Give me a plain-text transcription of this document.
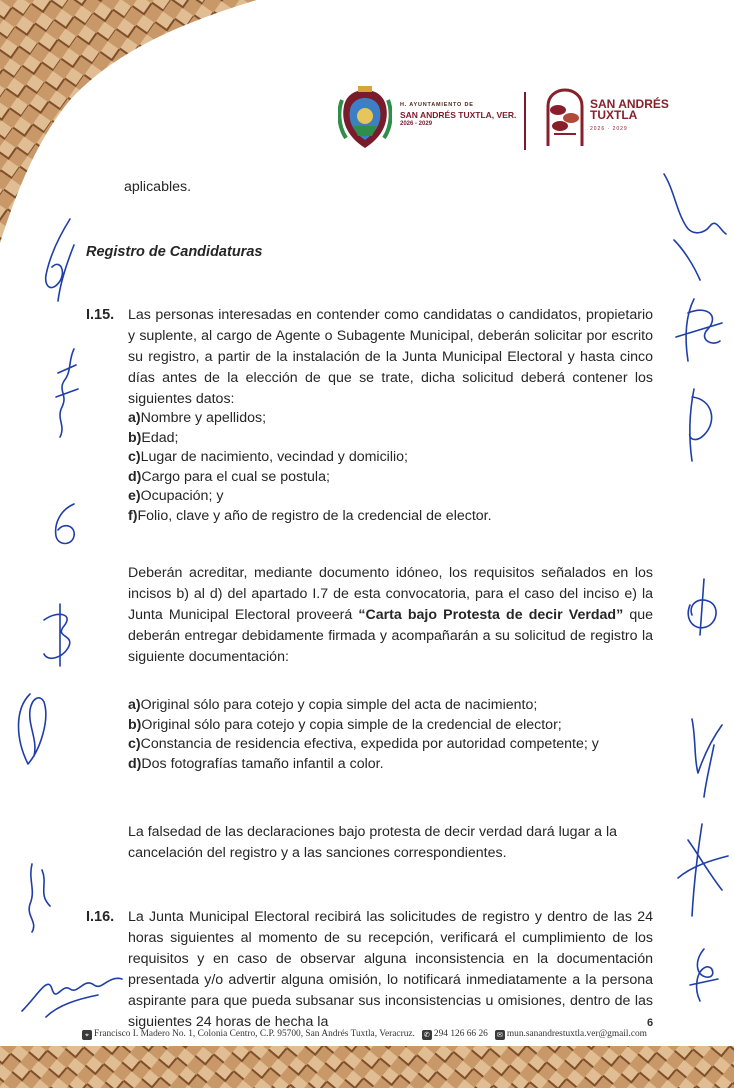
H. AYUNTAMIENTO DE
SAN ANDRÉS TUXTLA, VER.
2026 - 2029
SAN ANDRÉS
TUXTLA
2026 · 2029
aplicables.
Registro de Candidaturas
I.15. Las personas interesadas en contender como candidatas o candidatos, propietario y suplente, al cargo de Agente o Subagente Municipal, deberán solicitar por escrito su registro, a partir de la instalación de la Junta Municipal Electoral y hasta cinco días antes de la elección de que se trate, dicha solicitud deberá contener los siguientes datos:
a)Nombre y apellidos;
b)Edad;
c)Lugar de nacimiento, vecindad y domicilio;
d)Cargo para el cual se postula;
e)Ocupación; y
f)Folio, clave y año de registro de la credencial de elector.
Deberán acreditar, mediante documento idóneo, los requisitos señalados en los incisos b) al d) del apartado I.7 de esta convocatoria, para el caso del inciso e) la Junta Municipal Electoral proveerá “Carta bajo Protesta de decir Verdad” que deberán entregar debidamente firmada y acompañarán a su solicitud de registro la siguiente documentación:
a)Original sólo para cotejo y copia simple del acta de nacimiento;
b)Original sólo para cotejo y copia simple de la credencial de elector;
c)Constancia de residencia efectiva, expedida por autoridad competente; y
d)Dos fotografías tamaño infantil a color.
La falsedad de las declaraciones bajo protesta de decir verdad dará lugar a la
cancelación del registro y a las sanciones correspondientes.
I.16. La Junta Municipal Electoral recibirá las solicitudes de registro y dentro de las 24 horas siguientes al momento de su recepción, verificará el cumplimiento de los requisitos y en caso de observar alguna inconsistencia en la documentación presentada y/o advertir alguna omisión, lo notificará inmediatamente a la persona aspirante para que pueda subsanar sus inconsistencias u omisiones, dentro de las siguientes 24 horas de hecha la	6
⌖ Francisco I. Madero No. 1, Colonia Centro, C.P. 95700, San Andrés Tuxtla, Veracruz. ✆ 294 126 66 26 ✉ mun.sanandrestuxtla.ver@gmail.com
